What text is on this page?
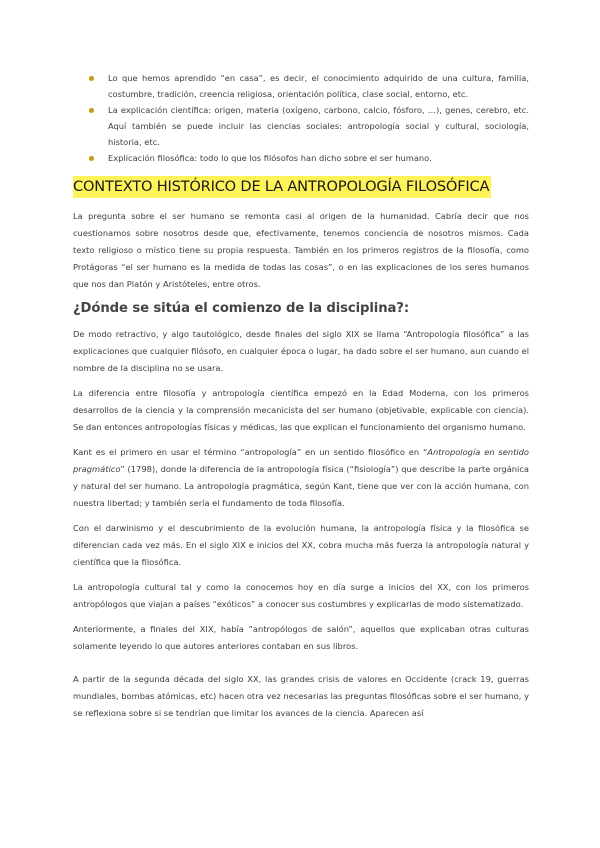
Lo que hemos aprendido “en casa”, es decir, el conocimiento adquirido de una cultura, familia, costumbre, tradición, creencia religiosa, orientación política, clase social, entorno, etc.
La explicación científica: origen, materia (oxígeno, carbono, calcio, fósforo, …), genes, cerebro, etc. Aquí también se puede incluir las ciencias sociales: antropología social y cultural, sociología, historia, etc.
Explicación filosófica: todo lo que los filósofos han dicho sobre el ser humano.
CONTEXTO HISTÓRICO DE LA ANTROPOLOGÍA FILOSÓFICA

La pregunta sobre el ser humano se remonta casi al origen de la humanidad. Cabría decir que nos cuestionamos sobre nosotros desde que, efectivamente, tenemos conciencia de nosotros mismos. Cada texto religioso o místico tiene su propia respuesta. También en los primeros registros de la filosofía, como Protágoras “el ser humano es la medida de todas las cosas”, o en las explicaciones de los seres humanos que nos dan Platón y Aristóteles, entre otros.

¿Dónde se sitúa el comienzo de la disciplina?:

De modo retractivo, y algo tautológico, desde finales del siglo XIX se llama “Antropología filosófica” a las explicaciones que cualquier filósofo, en cualquier época o lugar, ha dado sobre el ser humano, aun cuando el nombre de la disciplina no se usara.

La diferencia entre filosofía y antropología científica empezó en la Edad Moderna, con los primeros desarrollos de la ciencia y la comprensión mecanicista del ser humano (objetivable, explicable con ciencia). Se dan entonces antropologías físicas y médicas, las que explican el funcionamiento del organismo humano.

Kant es el primero en usar el término “antropología” en un sentido filosófico en “Antropología en sentido pragmático” (1798), donde la diferencia de la antropología física (“fisiología”) que describe la parte orgánica y natural del ser humano. La antropología pragmática, según Kant, tiene que ver con la acción humana, con nuestra libertad; y también sería el fundamento de toda filosofía.

Con el darwinismo y el descubrimiento de la evolución humana, la antropología física y la filosófica se diferencian cada vez más. En el siglo XIX e inicios del XX, cobra mucha más fuerza la antropología natural y científica que la filosófica.

La antropología cultural tal y como la conocemos hoy en día surge a inicios del XX, con los primeros antropólogos que viajan a países “exóticos” a conocer sus costumbres y explicarlas de modo sistematizado.

Anteriormente, a finales del XIX, había “antropólogos de salón”, aquellos que explicaban otras culturas solamente leyendo lo que autores anteriores contaban en sus libros.

A partir de la segunda década del siglo XX, las grandes crisis de valores en Occidente (crack 19, guerras mundiales, bombas atómicas, etc) hacen otra vez necesarias las preguntas filosóficas sobre el ser humano, y se reflexiona sobre si se tendrían que limitar los avances de la ciencia. Aparecen así
